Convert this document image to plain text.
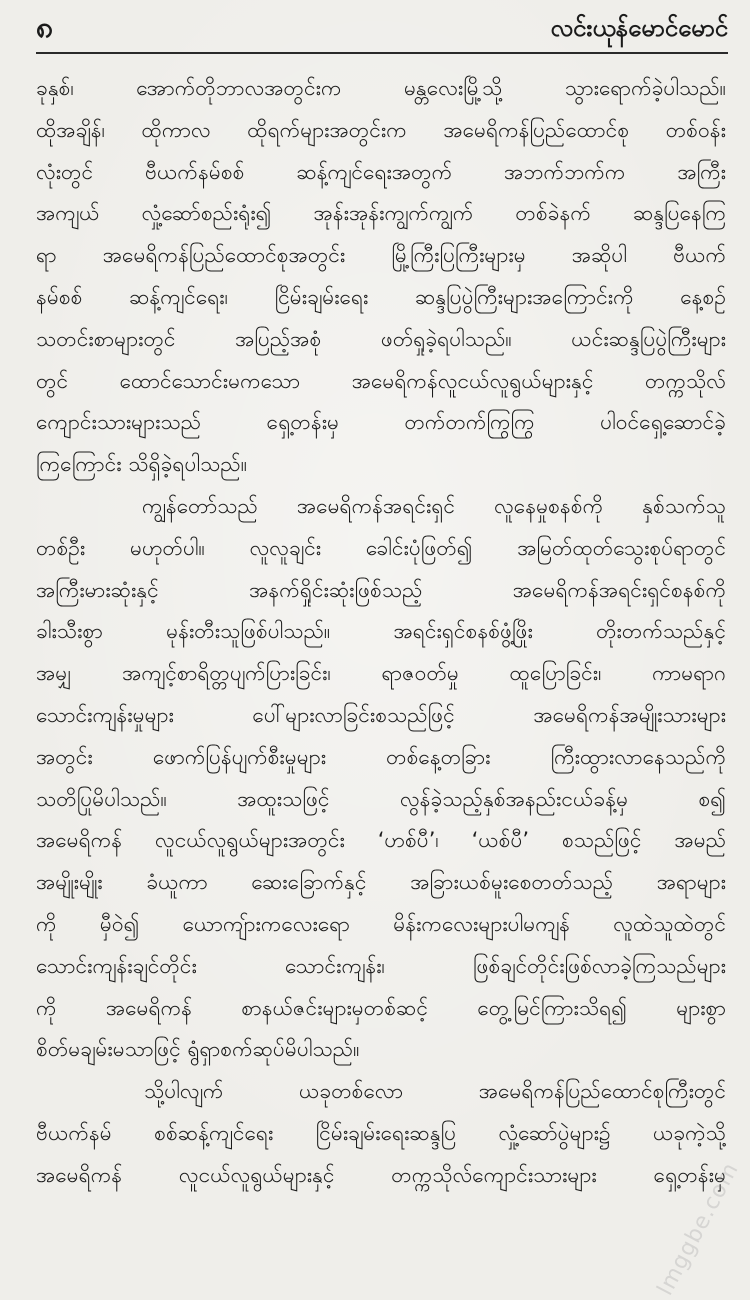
၈	လင်းယုန်မောင်မောင်
ခုနှစ်၊ အောက်တိုဘာလအတွင်းက မန္တလေးမြို့သို့ သွားရောက်ခဲ့ပါသည်။
ထိုအချိန်၊ ထိုကာလ ထိုရက်များအတွင်းက အမေရိကန်ပြည်ထောင်စု တစ်ဝန်း
လုံးတွင် ဗီယက်နမ်စစ် ဆန့်ကျင်ရေးအတွက် အဘက်ဘက်က အကြီး
အကျယ် လှုံ့ဆော်စည်းရုံး၍ အုန်းအုန်းကျွက်ကျွက် တစ်ခဲနက် ဆန္ဒပြနေကြ
ရာ အမေရိကန်ပြည်ထောင်စုအတွင်း မြို့ကြီးပြကြီးများမှ အဆိုပါ ဗီယက်
နမ်စစ် ဆန့်ကျင်ရေး၊ ငြိမ်းချမ်းရေး ဆန္ဒပြပွဲကြီးများအကြောင်းကို နေ့စဉ်
သတင်းစာများတွင် အပြည့်အစုံ ဖတ်ရှုခဲ့ရပါသည်။ ယင်းဆန္ဒပြပွဲကြီးများ
တွင် ထောင်သောင်းမကသော အမေရိကန်လူငယ်လူရွယ်များနှင့် တက္ကသိုလ်
ကျောင်းသားများသည် ရှေ့တန်းမှ တက်တက်ကြွကြွ ပါဝင်ရှေ့ဆောင်ခဲ့
ကြကြောင်း သိရှိခဲ့ရပါသည်။
ကျွန်တော်သည် အမေရိကန်အရင်းရှင် လူနေမှုစနစ်ကို နှစ်သက်သူ
တစ်ဦး မဟုတ်ပါ။ လူလူချင်း ခေါင်းပုံဖြတ်၍ အမြတ်ထုတ်သွေးစုပ်ရာတွင်
အကြီးမားဆုံးနှင့် အနက်ရှိုင်းဆုံးဖြစ်သည့် အမေရိကန်အရင်းရှင်စနစ်ကို
ခါးသီးစွာ မုန်းတီးသူဖြစ်ပါသည်။ အရင်းရှင်စနစ်ဖွံ့ဖြိုး တိုးတက်သည်နှင့်
အမျှ အကျင့်စာရိတ္တပျက်ပြားခြင်း၊ ရာဇဝတ်မှု ထူပြောခြင်း၊ ကာမရာဂ
သောင်းကျန်းမှုများ ပေါ်များလာခြင်းစသည်ဖြင့် အမေရိကန်အမျိုးသားများ
အတွင်း ဖောက်ပြန်ပျက်စီးမှုများ တစ်နေ့တခြား ကြီးထွားလာနေသည်ကို
သတိပြုမိပါသည်။ အထူးသဖြင့် လွန်ခဲ့သည့်နှစ်အနည်းငယ်ခန့်မှ စ၍
အမေရိကန် လူငယ်လူရွယ်များအတွင်း ‘ဟစ်ပီ’၊ ‘ယစ်ပီ’ စသည်ဖြင့် အမည်
အမျိုးမျိုး ခံယူကာ ဆေးခြောက်နှင့် အခြားယစ်မူးစေတတ်သည့် အရာများ
ကို မှီဝဲ၍ ယောကျ်ားကလေးရော မိန်းကလေးများပါမကျန် လူထဲသူထဲတွင်
သောင်းကျန်းချင်တိုင်း သောင်းကျန်း၊ ဖြစ်ချင်တိုင်းဖြစ်လာခဲ့ကြသည်များ
ကို အမေရိကန် စာနယ်ဇင်းများမှတစ်ဆင့် တွေ့မြင်ကြားသိရ၍ များစွာ
စိတ်မချမ်းမသာဖြင့် ရွံရှာစက်ဆုပ်မိပါသည်။
သို့ပါလျက် ယခုတစ်လော အမေရိကန်ပြည်ထောင်စုကြီးတွင်
ဗီယက်နမ် စစ်ဆန့်ကျင်ရေး ငြိမ်းချမ်းရေးဆန္ဒပြ လှုံ့ဆော်ပွဲများ၌ ယခုကဲ့သို့
အမေရိကန် လူငယ်လူရွယ်များနှင့် တက္ကသိုလ်ကျောင်းသားများ ရှေ့တန်းမှ
lmggbe.com
